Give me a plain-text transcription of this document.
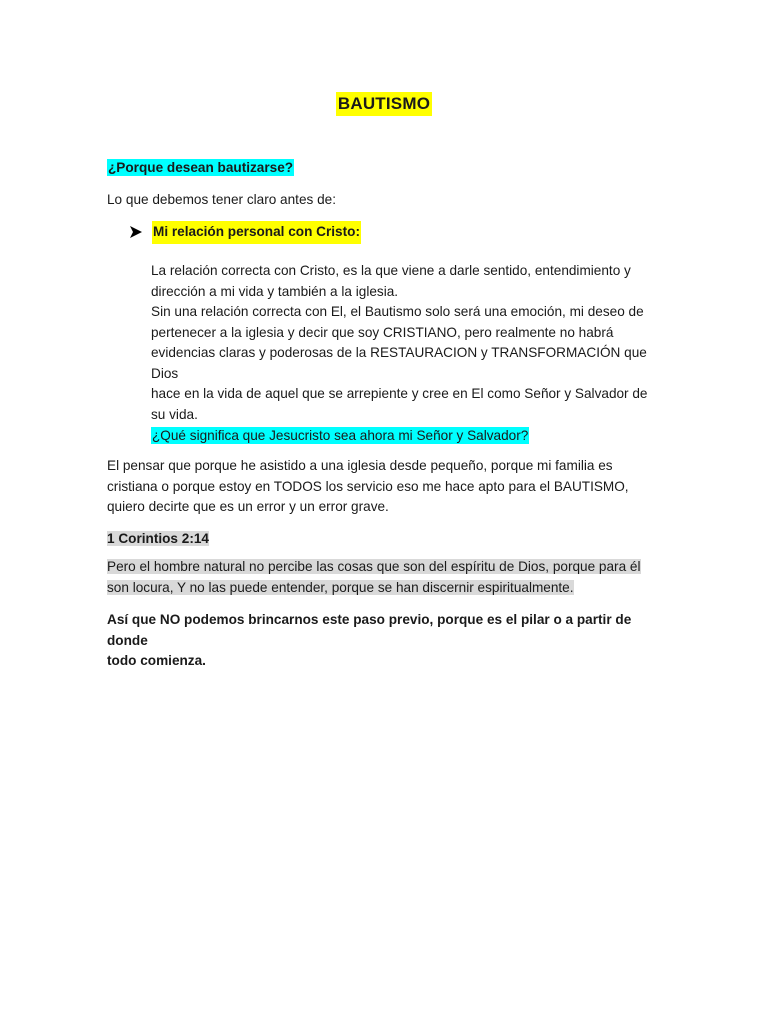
BAUTISMO
¿Porque desean bautizarse?
Lo que debemos tener claro antes de:
Mi relación personal con Cristo:
La relación correcta con Cristo, es la que viene a darle sentido, entendimiento y
dirección a mi vida y también a la iglesia.
Sin una relación correcta con El, el Bautismo solo será una emoción, mi deseo de
pertenecer a la iglesia y decir que soy CRISTIANO, pero realmente no habrá
evidencias claras y poderosas de la RESTAURACION y TRANSFORMACIÓN que Dios
hace en la vida de aquel que se arrepiente y cree en El como Señor y Salvador de
su vida.
¿Qué significa que Jesucristo sea ahora mi Señor y Salvador?
El pensar que porque he asistido a una iglesia desde pequeño, porque mi familia es
cristiana o porque estoy en TODOS los servicio eso me hace apto para el BAUTISMO,
quiero decirte que es un error y un error grave.
1 Corintios 2:14
Pero el hombre natural no percibe las cosas que son del espíritu de Dios, porque para él
son locura, Y no las puede entender, porque se han discernir espiritualmente.
Así que NO podemos brincarnos este paso previo, porque es el pilar o a partir de donde
todo comienza.
